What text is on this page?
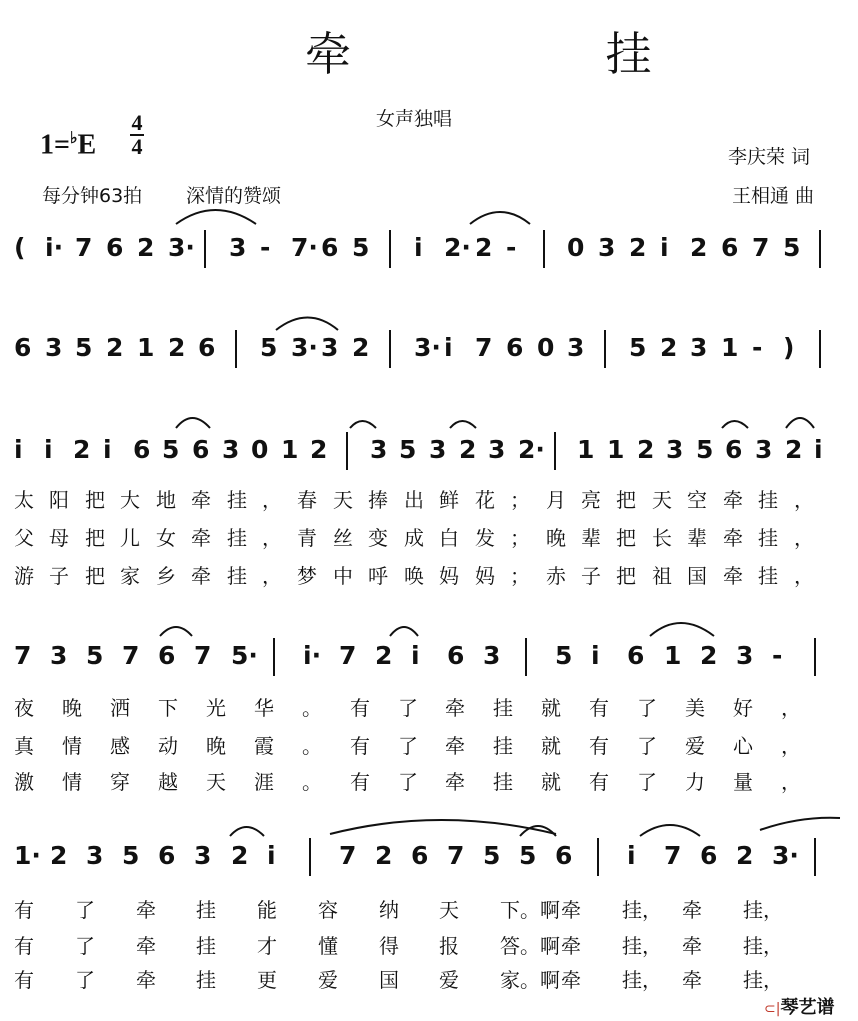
牵 挂
女声独唱
1=♭E
4
4
每分钟63拍 深情的赞颂
李庆荣 词
王相通 曲
( i· 7 6 2 3· 3 - 7· 6 5 i 2· 2 - 0 3 2 i 2 6 7 5
6 3 5 2 1 2 6 5 3· 3 2 3· i 7 6 0 3 5 2 3 1 - )
i i 2 i 6 5 6 3 0 1 2 3 5 3 2 3 2· 1 1 2 3 5 6 3 2 i
7 3 5 7 6 7 5· i· 7 2 i 6 3 5 i 6 1 2 3 -
1· 2 3 5 6 3 2 i	7 2 6 7 5 5 6 i 7 6 2 3·
太 阳 把 大 地 牵 挂 ， 春 天 捧 出 鲜 花 ； 月 亮 把 天 空 牵 挂 ，
父 母 把 儿 女 牵 挂 ， 青 丝 变 成 白 发 ； 晚 辈 把 长 辈 牵 挂 ，
游 子 把 家 乡 牵 挂 ， 梦 中 呼 唤 妈 妈 ； 赤 子 把 祖 国 牵 挂 ，
夜 晚 洒 下 光 华 。 有 了 牵 挂 就 有 了 美 好 ，
真 情 感 动 晚 霞 。 有 了 牵 挂 就 有 了 爱 心 ，
激 情 穿 越 天 涯 。 有 了 牵 挂 就 有 了 力 量 ，
有 了 牵 挂 能 容 纳 天 下。啊 牵 挂， 牵 挂，
有 了 牵 挂 才 懂 得 报 答。啊 牵 挂， 牵 挂，
有 了 牵 挂 更 爱 国 爱 家。啊 牵 挂， 牵 挂，
⊂|琴艺谱
